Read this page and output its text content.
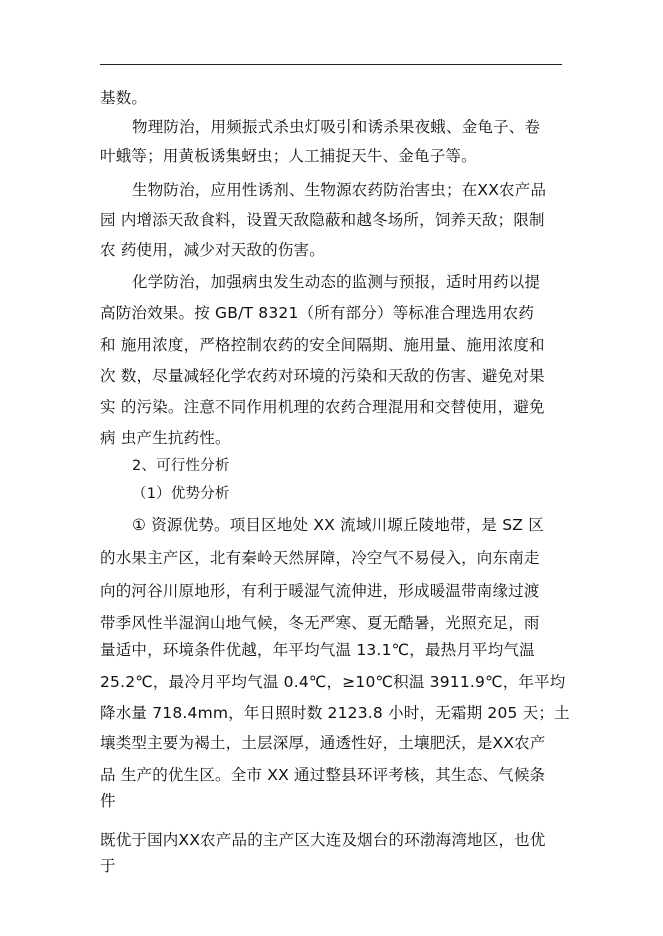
基数。
物理防治，用频振式杀虫灯吸引和诱杀果夜蛾、金龟子、卷
叶蛾等；用黄板诱集蚜虫；人工捕捉天牛、金龟子等。
生物防治，应用性诱剂、生物源农药防治害虫；在XX农产品
园 内增添天敌食料，设置天敌隐蔽和越冬场所，饲养天敌；限制
农 药使用，减少对天敌的伤害。
化学防治，加强病虫发生动态的监测与预报，适时用药以提
高防治效果。按 GB/T 8321（所有部分）等标准合理选用农药
和 施用浓度，严格控制农药的安全间隔期、施用量、施用浓度和
次 数，尽量减轻化学农药对环境的污染和天敌的伤害、避免对果
实 的污染。注意不同作用机理的农药合理混用和交替使用，避免
病 虫产生抗药性。
2、可行性分析
（1）优势分析
① 资源优势。项目区地处 XX 流域川塬丘陵地带，是 SZ 区
的水果主产区，北有秦岭天然屏障，冷空气不易侵入，向东南走
向的河谷川原地形，有利于暖湿气流伸进，形成暖温带南缘过渡
带季风性半湿润山地气候，冬无严寒、夏无酷暑，光照充足，雨
量适中，环境条件优越，年平均气温 13.1℃，最热月平均气温
25.2℃，最冷月平均气温 0.4℃，≥10℃积温 3911.9℃，年平均
降水量 718.4mm，年日照时数 2123.8 小时，无霜期 205 天；土
壤类型主要为褐土，土层深厚，通透性好，土壤肥沃，是XX农产
品 生产的优生区。全市 XX 通过整县环评考核，其生态、气候条
件
既优于国内XX农产品的主产区大连及烟台的环渤海湾地区，也优
于
